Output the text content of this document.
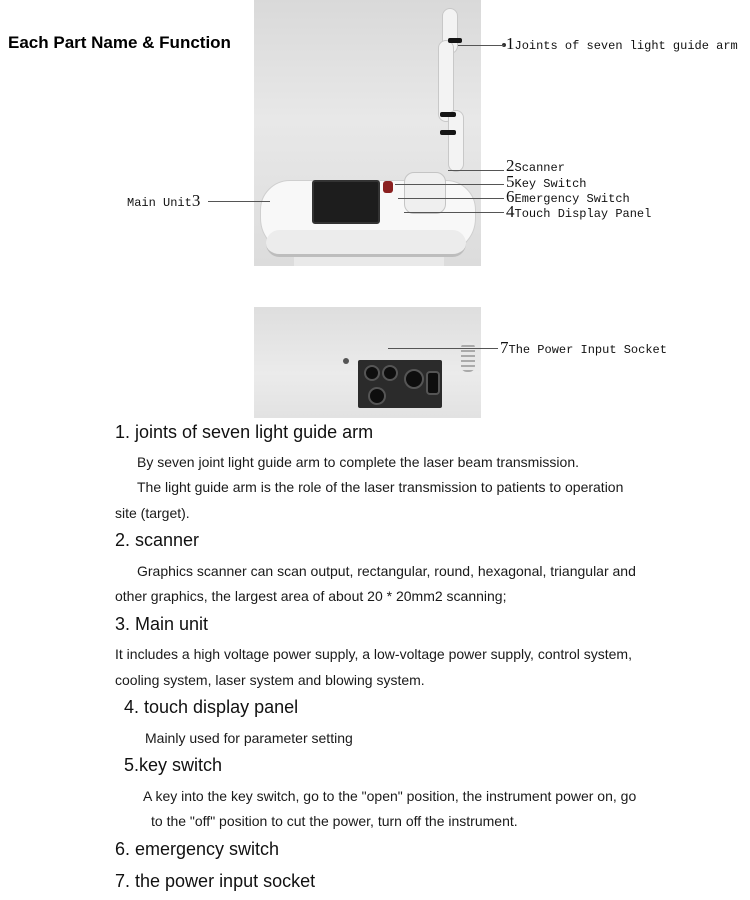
Each Part Name & Function	1Joints of seven light guide arm
2Scanner
5Key Switch
6Emergency Switch
4Touch Display Panel
Main Unit3
7The Power Input Socket
1. joints of seven light guide arm
By seven joint light guide arm to complete the laser beam transmission.
The light guide arm is the role of the laser transmission to patients to operation
site (target).
2. scanner
Graphics scanner can scan output, rectangular, round, hexagonal, triangular and
other graphics, the largest area of about 20 * 20mm2 scanning;
3. Main unit
It includes a high voltage power supply, a low-voltage power supply, control system,
cooling system, laser system and blowing system.
4. touch display panel
Mainly used for parameter setting
5.key switch
A key into the key switch, go to the "open" position, the instrument power on, go
to the "off" position to cut the power, turn off the instrument.
6. emergency switch
7. the power input socket
